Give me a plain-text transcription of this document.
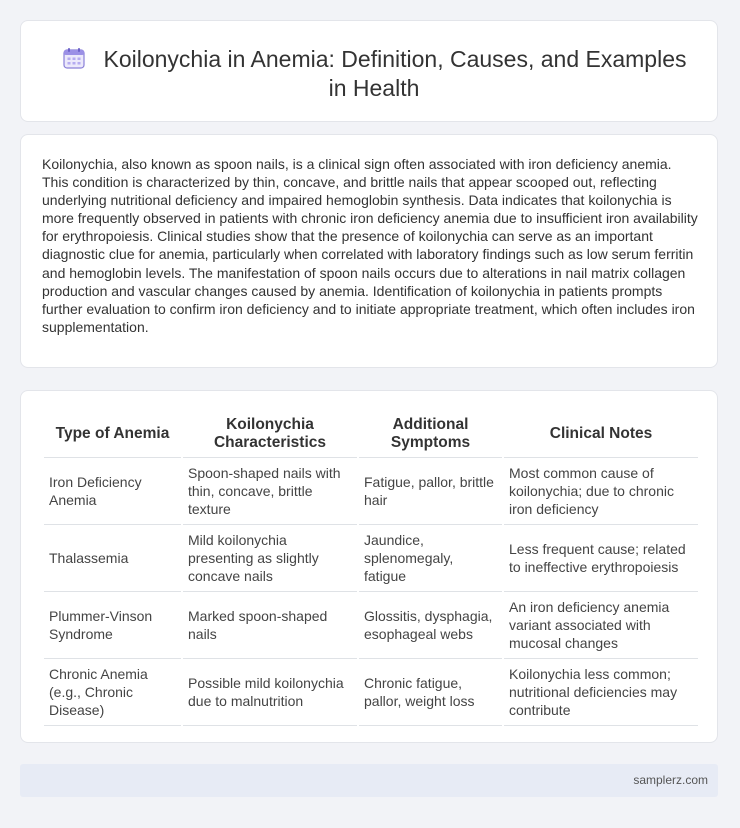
Koilonychia in Anemia: Definition, Causes, and Examples in Health
Koilonychia, also known as spoon nails, is a clinical sign often associated with iron deficiency anemia. This condition is characterized by thin, concave, and brittle nails that appear scooped out, reflecting underlying nutritional deficiency and impaired hemoglobin synthesis. Data indicates that koilonychia is more frequently observed in patients with chronic iron deficiency anemia due to insufficient iron availability for erythropoiesis. Clinical studies show that the presence of koilonychia can serve as an important diagnostic clue for anemia, particularly when correlated with laboratory findings such as low serum ferritin and hemoglobin levels. The manifestation of spoon nails occurs due to alterations in nail matrix collagen production and vascular changes caused by anemia. Identification of koilonychia in patients prompts further evaluation to confirm iron deficiency and to initiate appropriate treatment, which often includes iron supplementation.
Type of Anemia	Koilonychia Characteristics	Additional Symptoms	Clinical Notes
Iron Deficiency Anemia	Spoon-shaped nails with thin, concave, brittle texture	Fatigue, pallor, brittle hair	Most common cause of koilonychia; due to chronic iron deficiency
Thalassemia	Mild koilonychia presenting as slightly concave nails	Jaundice, splenomegaly, fatigue	Less frequent cause; related to ineffective erythropoiesis
Plummer-Vinson Syndrome	Marked spoon-shaped nails	Glossitis, dysphagia, esophageal webs	An iron deficiency anemia variant associated with mucosal changes
Chronic Anemia (e.g., Chronic Disease)	Possible mild koilonychia due to malnutrition	Chronic fatigue, pallor, weight loss	Koilonychia less common; nutritional deficiencies may contribute
samplerz.com
